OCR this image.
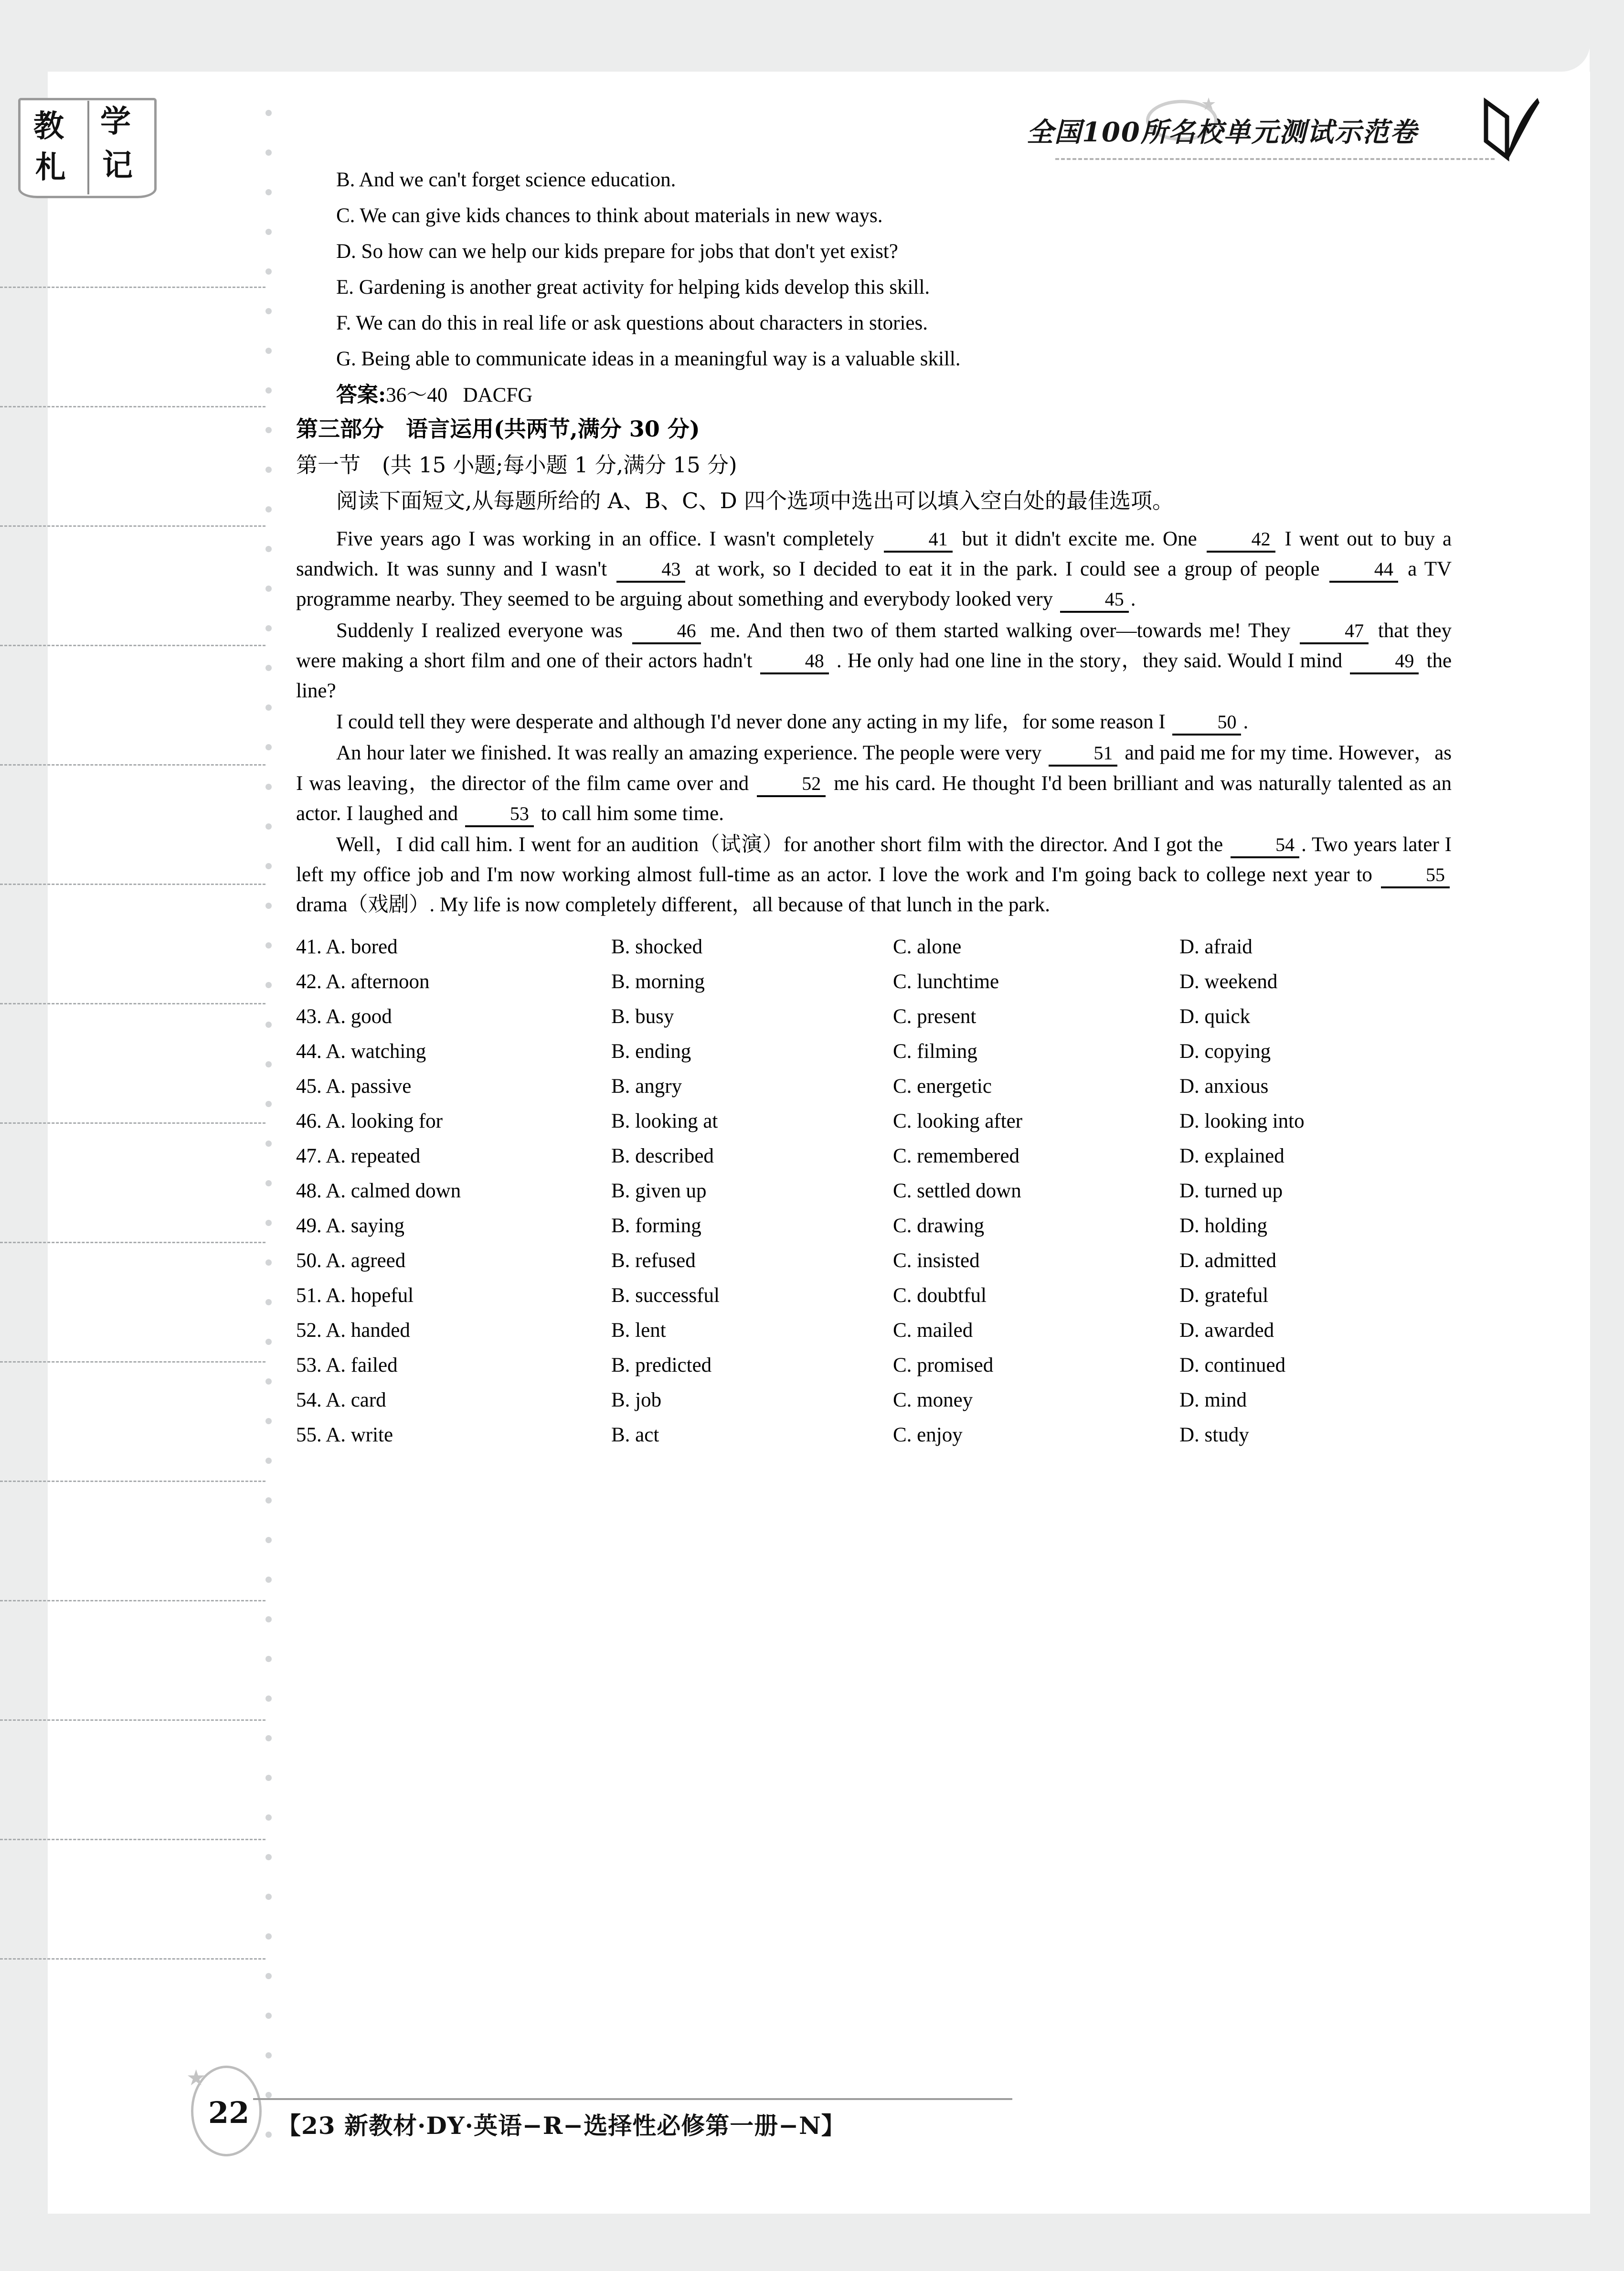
教 学
札 记
★
全国100所名校单元测试示范卷
B. And we can't forget science education.
C. We can give kids chances to think about materials in new ways.
D. So how can we help our kids prepare for jobs that don't yet exist?
E. Gardening is another great activity for helping kids develop this skill.
F. We can do this in real life or ask questions about characters in stories.
G. Being able to communicate ideas in a meaningful way is a valuable skill.
答案:36～40 DACFG
第三部分　语言运用(共两节,满分 30 分)
第一节　(共 15 小题;每小题 1 分,满分 15 分)
阅读下面短文,从每题所给的 A、B、C、D 四个选项中选出可以填入空白处的最佳选项。

Five years ago I was working in an office. I wasn't completely	41 but it didn't excite me. One	42 I went out to buy a sandwich. It was sunny and I wasn't	43 at work, so I decided to eat it in the park. I could see a group of people	44 a TV programme nearby. They seemed to be arguing about something and everybody looked very	45 .

Suddenly I realized everyone was	46 me. And then two of them started walking over—towards me! They	47 that they were making a short film and one of their actors hadn't	48 . He only had one line in the story，they said. Would I mind	49 the line?

I could tell they were desperate and although I'd never done any acting in my life，for some reason I	50 .

An hour later we finished. It was really an amazing experience. The people were very	51 and paid me for my time. However，as I was leaving，the director of the film came over and	52 me his card. He thought I'd been brilliant and was naturally talented as an actor. I laughed and	53 to call him some time.

Well，I did call him. I went for an audition（试演）for another short film with the director. And I got the	54 . Two years later I left my office job and I'm now working almost full-time as an actor. I love the work and I'm going back to college next year to	55 drama（戏剧）. My life is now completely different，all because of that lunch in the park.

41. A. bored	B. shocked	C. alone	D. afraid
42. A. afternoon	B. morning	C. lunchtime	D. weekend
43. A. good	B. busy	C. present	D. quick
44. A. watching	B. ending	C. filming	D. copying
45. A. passive	B. angry	C. energetic	D. anxious
46. A. looking for	B. looking at	C. looking after	D. looking into
47. A. repeated	B. described	C. remembered	D. explained
48. A. calmed down	B. given up	C. settled down	D. turned up
49. A. saying	B. forming	C. drawing	D. holding
50. A. agreed	B. refused	C. insisted	D. admitted
51. A. hopeful	B. successful	C. doubtful	D. grateful
52. A. handed	B. lent	C. mailed	D. awarded
53. A. failed	B. predicted	C. promised	D. continued
54. A. card	B. job	C. money	D. mind
55. A. write	B. act	C. enjoy	D. study
★
22 【23 新教材·DY·英语−R−选择性必修第一册−N】
